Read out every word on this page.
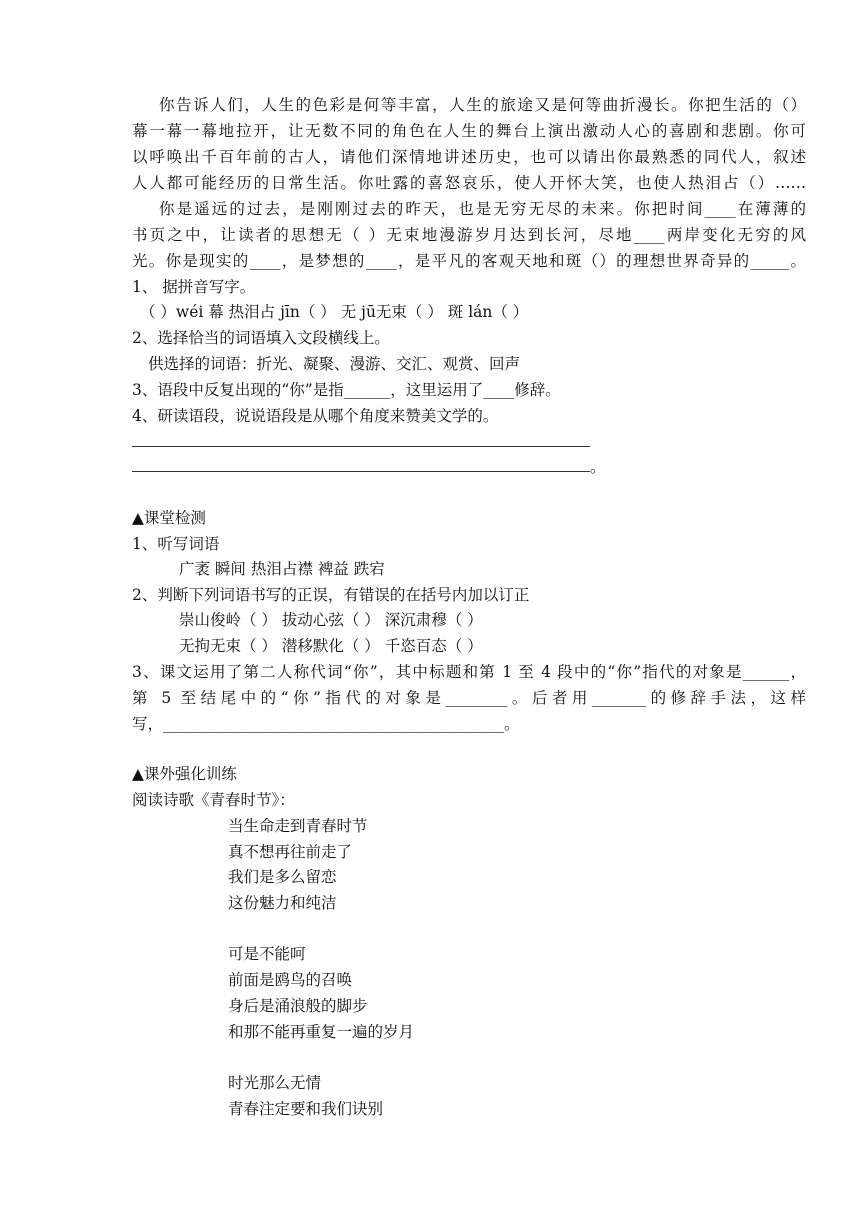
你告诉人们，人生的色彩是何等丰富，人生的旅途又是何等曲折漫长。你把生活的（）
幕一幕一幕地拉开，让无数不同的角色在人生的舞台上演出激动人心的喜剧和悲剧。你可
以呼唤出千百年前的古人，请他们深情地讲述历史，也可以请出你最熟悉的同代人，叙述
人人都可能经历的日常生活。你吐露的喜怒哀乐，使人开怀大笑，也使人热泪占（）……
你是遥远的过去，是刚刚过去的昨天，也是无穷无尽的未来。你把时间____在薄薄的
书页之中，让读者的思想无（ ）无束地漫游岁月达到长河，尽地____两岸变化无穷的风
光。你是现实的____，是梦想的____，是平凡的客观天地和斑（）的理想世界奇异的_____。
1、 据拼音写字。
（ ）wéi 幕 热泪占 jīn（ ） 无 jū无束（ ） 斑 lán（ ）
2、选择恰当的词语填入文段横线上。
供选择的词语：折光、凝聚、漫游、交汇、观赏、回声
3、语段中反复出现的“你”是指______，这里运用了____修辞。
4、研读语段，说说语段是从哪个角度来赞美文学的。
。
▲课堂检测
1、听写词语
广袤 瞬间 热泪占襟 裨益 跌宕
2、判断下列词语书写的正误，有错误的在括号内加以订正
崇山俊岭（ ） 拔动心弦（ ） 深沉肃穆（ ）
无拘无束（ ） 潜移默化（ ） 千恣百态（ ）
3、课文运用了第二人称代词“你”，其中标题和第 1 至 4 段中的“你”指代的对象是______，
第 5 至结尾中的“你”指代的对象是________。后者用_______的修辞手法，这样
写，____________________________________________。
▲课外强化训练
阅读诗歌《青春时节》：
当生命走到青春时节
真不想再往前走了
我们是多么留恋
这份魅力和纯洁
可是不能呵
前面是鸥鸟的召唤
身后是涌浪般的脚步
和那不能再重复一遍的岁月
时光那么无情
青春注定要和我们诀别
